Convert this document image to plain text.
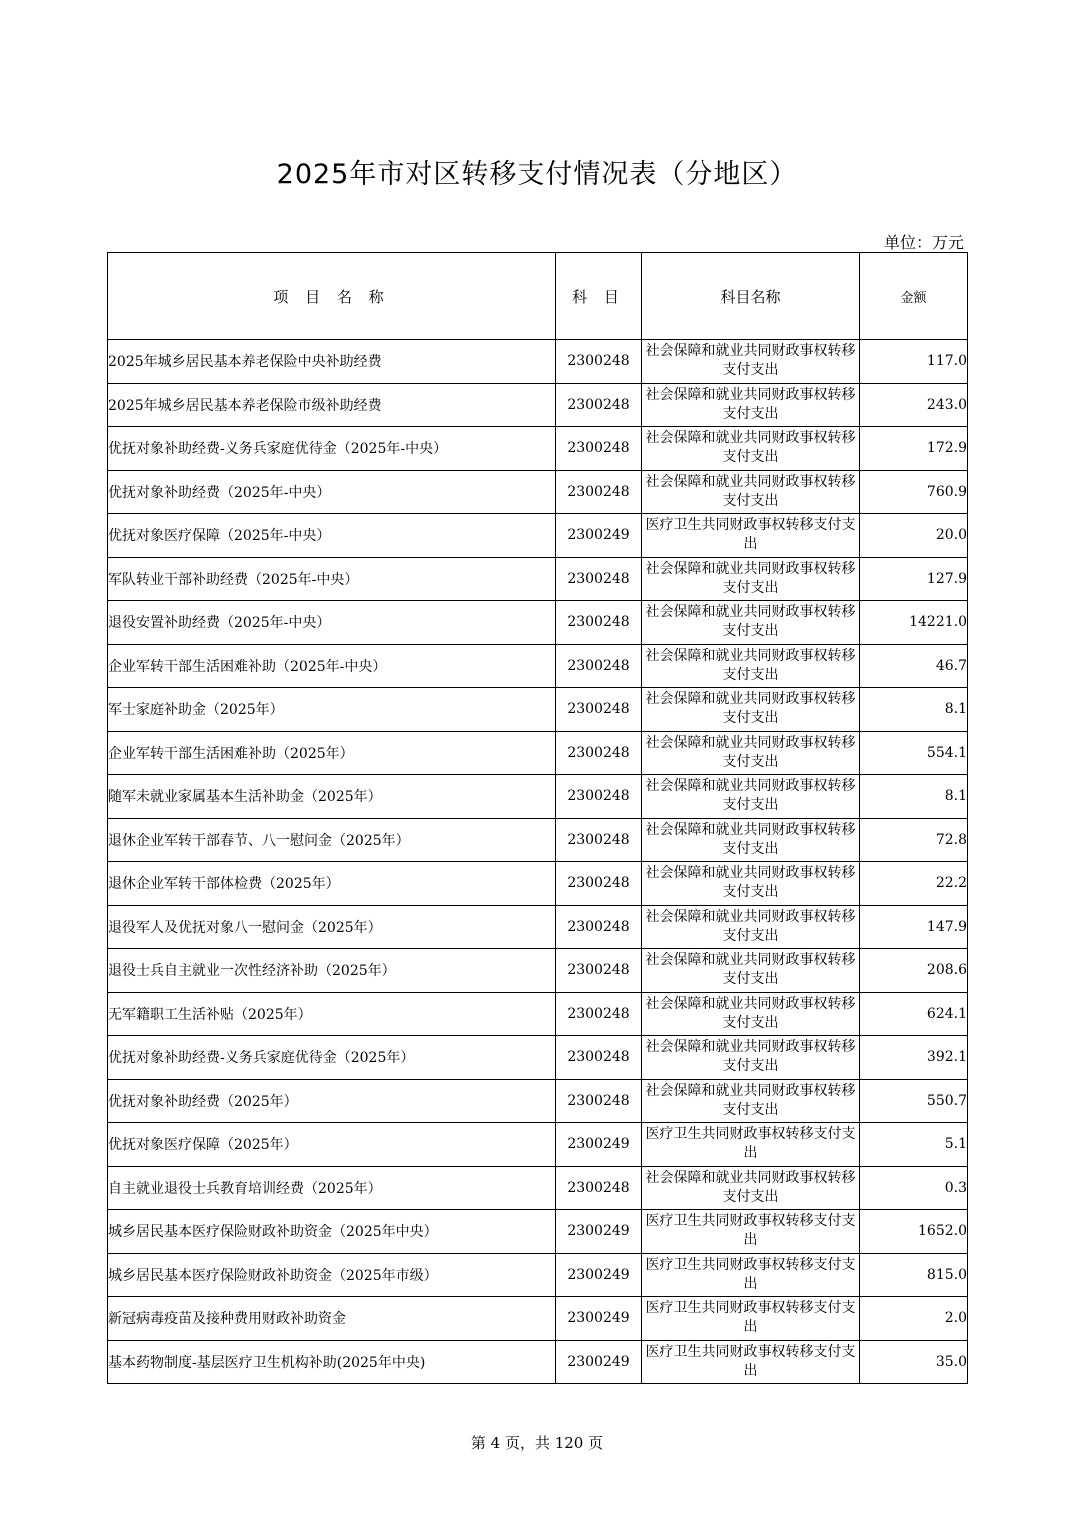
2025年市对区转移支付情况表（分地区）
单位：万元
项 目 名 称	科 目	科目名称	金额
2025年城乡居民基本养老保险中央补助经费	2300248	社会保障和就业共同财政事权转移支付支出	117.0
2025年城乡居民基本养老保险市级补助经费	2300248	社会保障和就业共同财政事权转移支付支出	243.0
优抚对象补助经费-义务兵家庭优待金（2025年-中央）	2300248	社会保障和就业共同财政事权转移支付支出	172.9
优抚对象补助经费（2025年-中央）	2300248	社会保障和就业共同财政事权转移支付支出	760.9
优抚对象医疗保障（2025年-中央）	2300249	医疗卫生共同财政事权转移支付支出	20.0
军队转业干部补助经费（2025年-中央）	2300248	社会保障和就业共同财政事权转移支付支出	127.9
退役安置补助经费（2025年-中央）	2300248	社会保障和就业共同财政事权转移支付支出	14221.0
企业军转干部生活困难补助（2025年-中央）	2300248	社会保障和就业共同财政事权转移支付支出	46.7
军士家庭补助金（2025年）	2300248	社会保障和就业共同财政事权转移支付支出	8.1
企业军转干部生活困难补助（2025年）	2300248	社会保障和就业共同财政事权转移支付支出	554.1
随军未就业家属基本生活补助金（2025年）	2300248	社会保障和就业共同财政事权转移支付支出	8.1
退休企业军转干部春节、八一慰问金（2025年）	2300248	社会保障和就业共同财政事权转移支付支出	72.8
退休企业军转干部体检费（2025年）	2300248	社会保障和就业共同财政事权转移支付支出	22.2
退役军人及优抚对象八一慰问金（2025年）	2300248	社会保障和就业共同财政事权转移支付支出	147.9
退役士兵自主就业一次性经济补助（2025年）	2300248	社会保障和就业共同财政事权转移支付支出	208.6
无军籍职工生活补贴（2025年）	2300248	社会保障和就业共同财政事权转移支付支出	624.1
优抚对象补助经费-义务兵家庭优待金（2025年）	2300248	社会保障和就业共同财政事权转移支付支出	392.1
优抚对象补助经费（2025年）	2300248	社会保障和就业共同财政事权转移支付支出	550.7
优抚对象医疗保障（2025年）	2300249	医疗卫生共同财政事权转移支付支出	5.1
自主就业退役士兵教育培训经费（2025年）	2300248	社会保障和就业共同财政事权转移支付支出	0.3
城乡居民基本医疗保险财政补助资金（2025年中央）	2300249	医疗卫生共同财政事权转移支付支出	1652.0
城乡居民基本医疗保险财政补助资金（2025年市级）	2300249	医疗卫生共同财政事权转移支付支出	815.0
新冠病毒疫苗及接种费用财政补助资金	2300249	医疗卫生共同财政事权转移支付支出	2.0
基本药物制度-基层医疗卫生机构补助(2025年中央)	2300249	医疗卫生共同财政事权转移支付支出	35.0
第 4 页，共 120 页
